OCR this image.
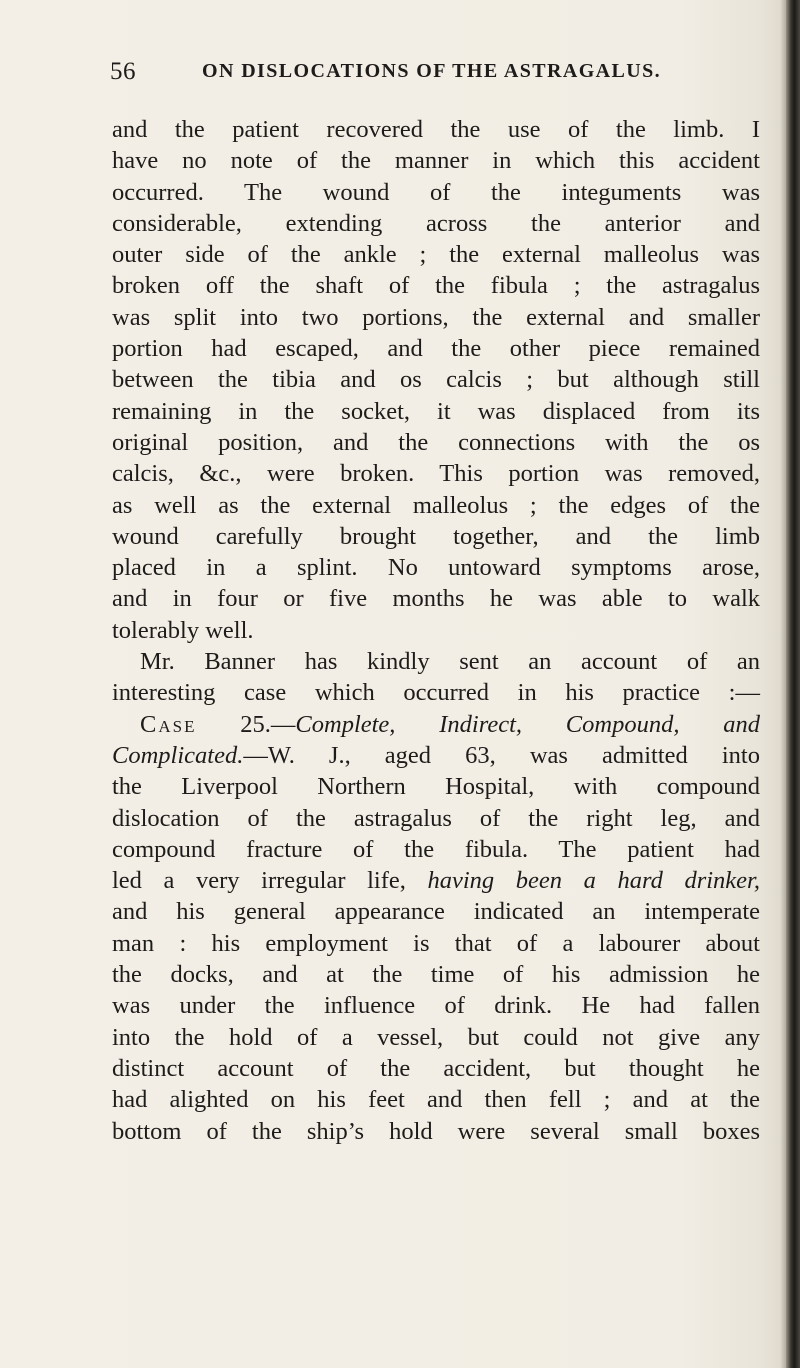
56	ON DISLOCATIONS OF THE ASTRAGALUS.
and the patient recovered the use of the limb. I
have no note of the manner in which this accident
occurred. The wound of the integuments was
considerable, extending across the anterior and
outer side of the ankle ; the external malleolus was
broken off the shaft of the fibula ; the astragalus
was split into two portions, the external and smaller
portion had escaped, and the other piece remained
between the tibia and os calcis ; but although still
remaining in the socket, it was displaced from its
original position, and the connections with the os
calcis, &c., were broken. This portion was removed,
as well as the external malleolus ; the edges of the
wound carefully brought together, and the limb
placed in a splint. No untoward symptoms arose,
and in four or five months he was able to walk
tolerably well.
Mr. Banner has kindly sent an account of an
interesting case which occurred in his practice :—
Case 25.—Complete, Indirect, Compound, and
Complicated.—W. J., aged 63, was admitted into
the Liverpool Northern Hospital, with compound
dislocation of the astragalus of the right leg, and
compound fracture of the fibula. The patient had
led a very irregular life, having been a hard drinker,
and his general appearance indicated an intemperate
man : his employment is that of a labourer about
the docks, and at the time of his admission he
was under the influence of drink. He had fallen
into the hold of a vessel, but could not give any
distinct account of the accident, but thought he
had alighted on his feet and then fell ; and at the
bottom of the ship’s hold were several small boxes
